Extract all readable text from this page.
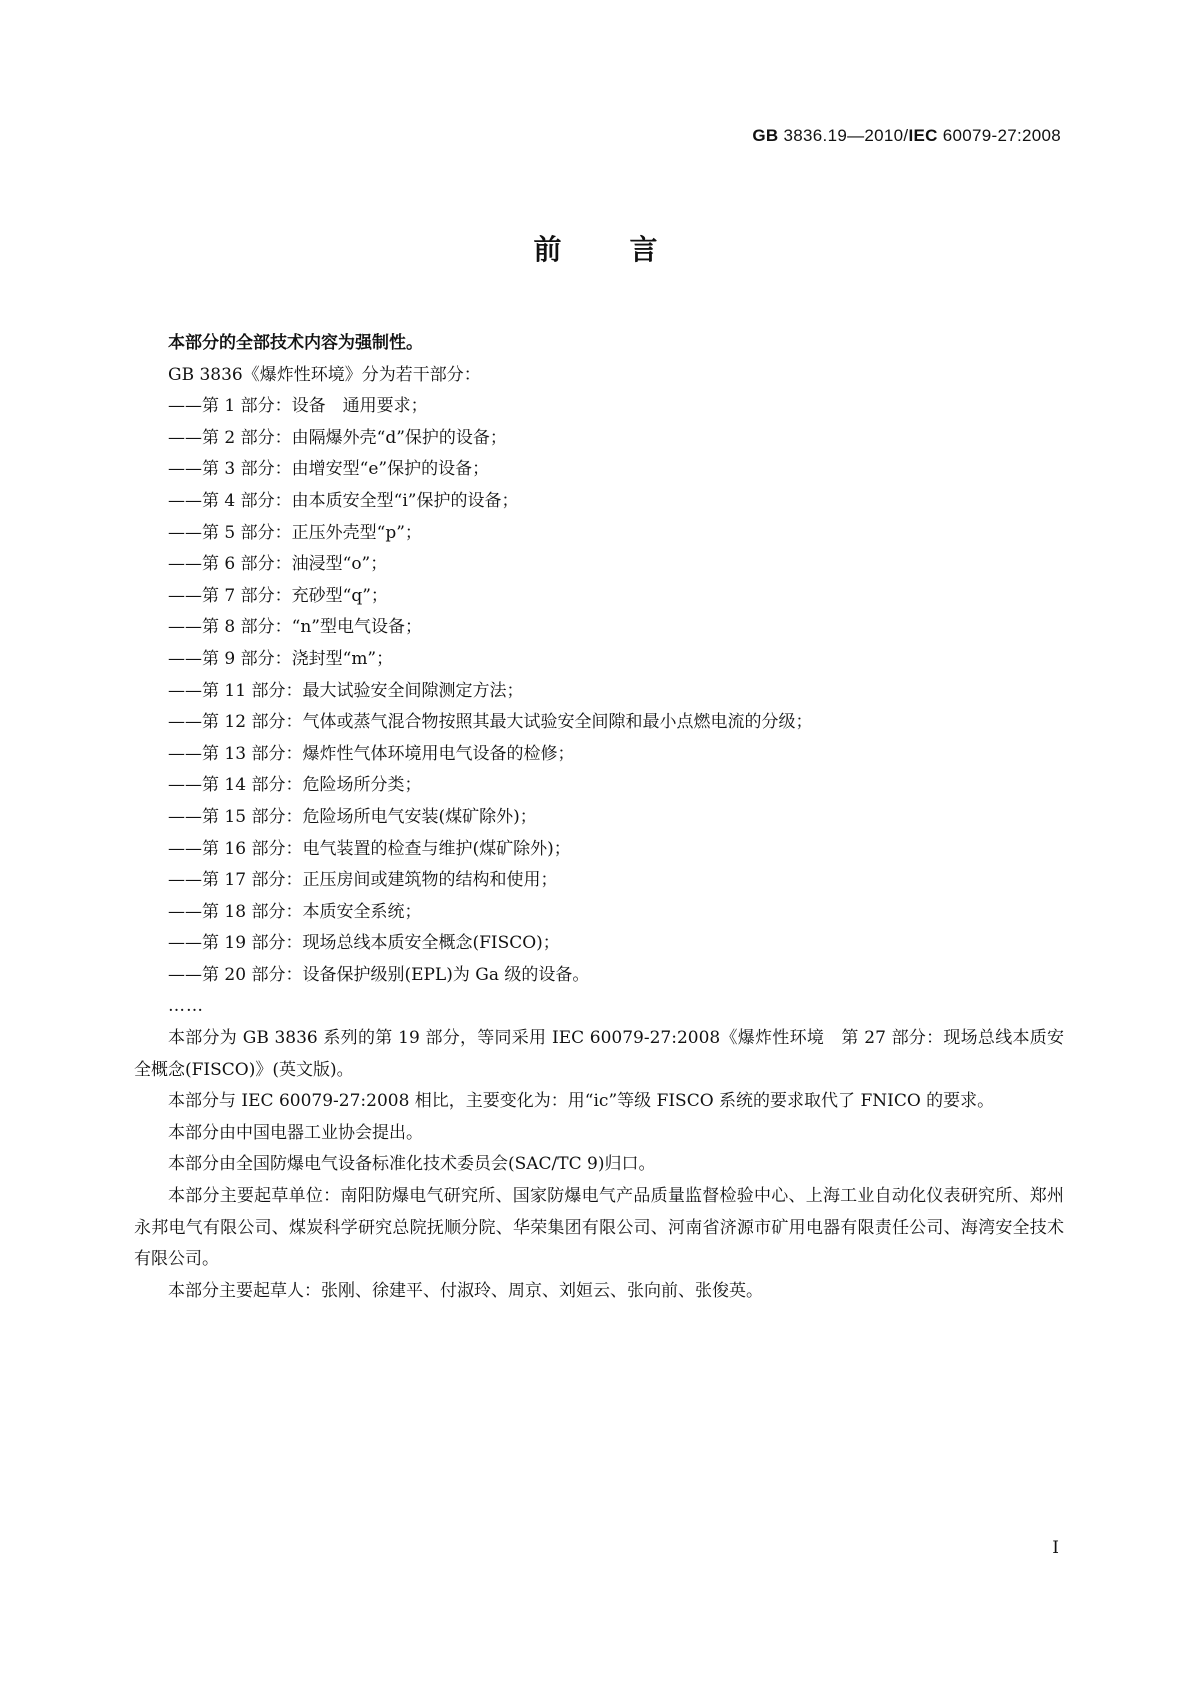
GB 3836.19—2010/IEC 60079-27:2008
前言

本部分的全部技术内容为强制性。

GB 3836《爆炸性环境》分为若干部分：

——第 1 部分：设备　通用要求；

——第 2 部分：由隔爆外壳“d”保护的设备；

——第 3 部分：由增安型“e”保护的设备；

——第 4 部分：由本质安全型“i”保护的设备；

——第 5 部分：正压外壳型“p”；

——第 6 部分：油浸型“o”；

——第 7 部分：充砂型“q”；

——第 8 部分：“n”型电气设备；

——第 9 部分：浇封型“m”；

——第 11 部分：最大试验安全间隙测定方法；

——第 12 部分：气体或蒸气混合物按照其最大试验安全间隙和最小点燃电流的分级；

——第 13 部分：爆炸性气体环境用电气设备的检修；

——第 14 部分：危险场所分类；

——第 15 部分：危险场所电气安装(煤矿除外)；

——第 16 部分：电气装置的检查与维护(煤矿除外)；

——第 17 部分：正压房间或建筑物的结构和使用；

——第 18 部分：本质安全系统；

——第 19 部分：现场总线本质安全概念(FISCO)；

——第 20 部分：设备保护级别(EPL)为 Ga 级的设备。

……

本部分为 GB 3836 系列的第 19 部分，等同采用 IEC 60079-27:2008《爆炸性环境　第 27 部分：现场总线本质安全概念(FISCO)》(英文版)。

本部分与 IEC 60079-27:2008 相比，主要变化为：用“ic”等级 FISCO 系统的要求取代了 FNICO 的要求。

本部分由中国电器工业协会提出。

本部分由全国防爆电气设备标准化技术委员会(SAC/TC 9)归口。

本部分主要起草单位：南阳防爆电气研究所、国家防爆电气产品质量监督检验中心、上海工业自动化仪表研究所、郑州永邦电气有限公司、煤炭科学研究总院抚顺分院、华荣集团有限公司、河南省济源市矿用电器有限责任公司、海湾安全技术有限公司。

本部分主要起草人：张刚、徐建平、付淑玲、周京、刘姮云、张向前、张俊英。

I
